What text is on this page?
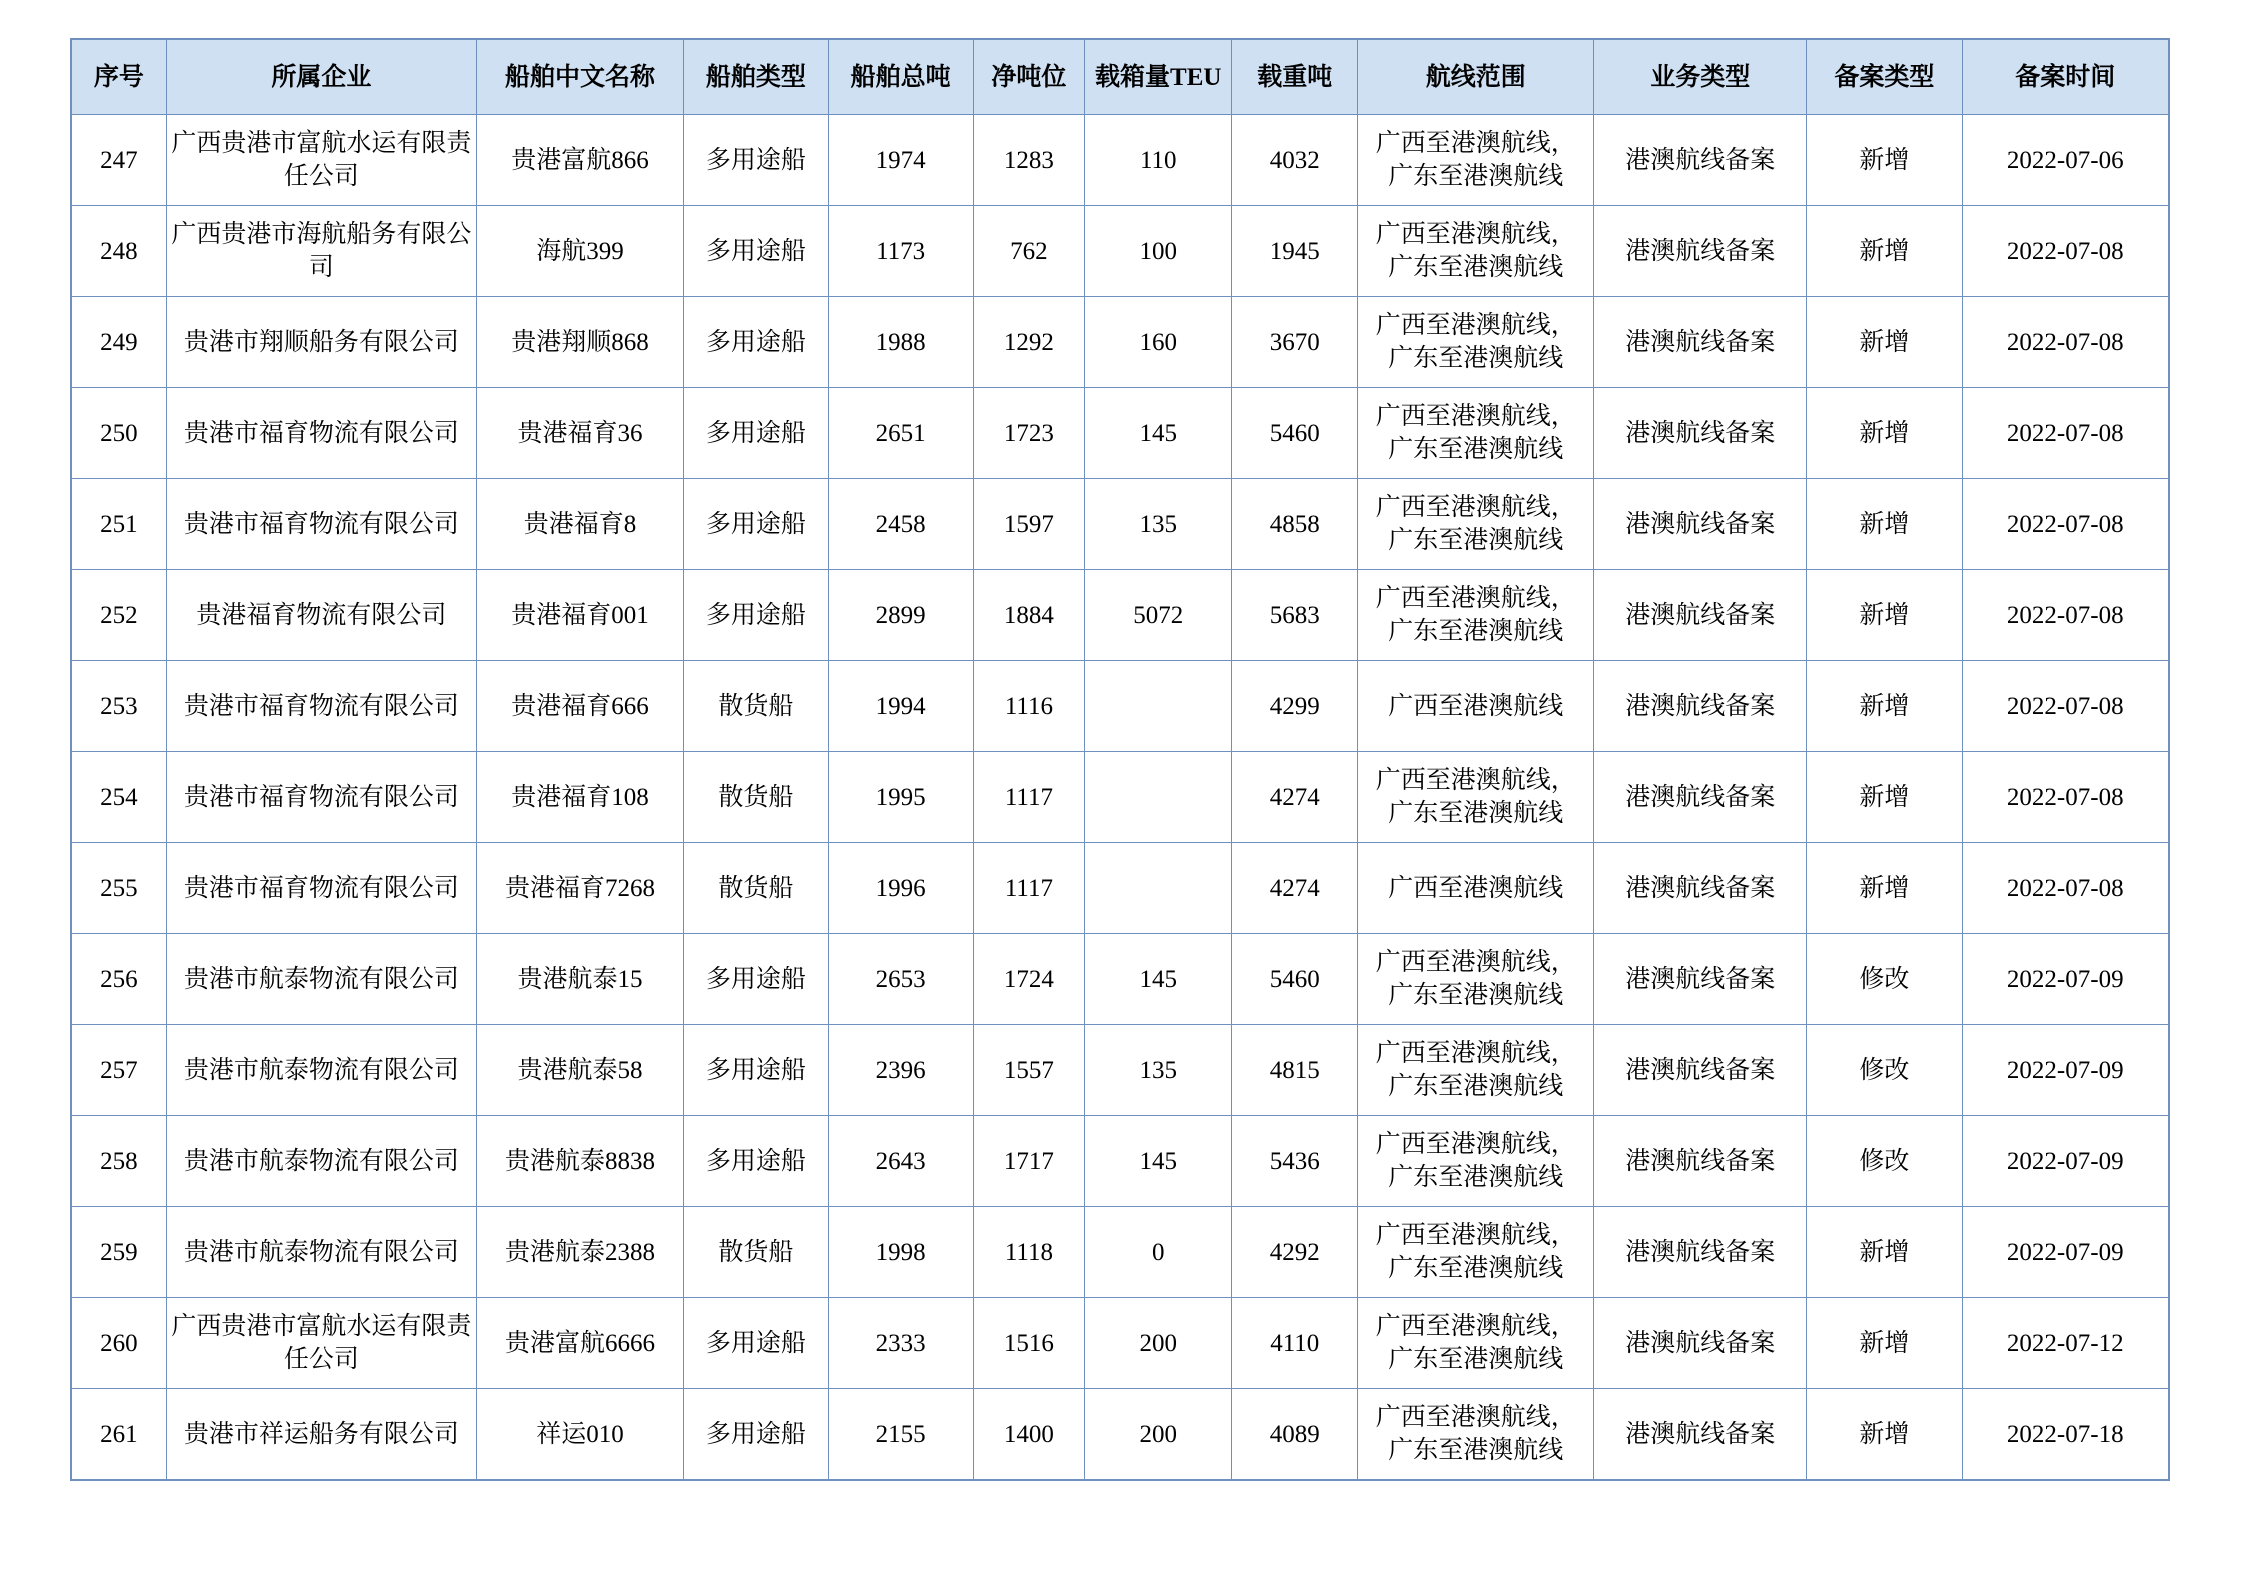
序号	所属企业	船舶中文名称	船舶类型	船舶总吨	净吨位	载箱量TEU	载重吨	航线范围	业务类型	备案类型	备案时间
247	广西贵港市富航水运有限责任公司	贵港富航866	多用途船	1974	1283	110	4032	广西至港澳航线，
广东至港澳航线	港澳航线备案	新增	2022-07-06
248	广西贵港市海航船务有限公司	海航399	多用途船	1173	762	100	1945	广西至港澳航线，
广东至港澳航线	港澳航线备案	新增	2022-07-08
249	贵港市翔顺船务有限公司	贵港翔顺868	多用途船	1988	1292	160	3670	广西至港澳航线，
广东至港澳航线	港澳航线备案	新增	2022-07-08
250	贵港市福育物流有限公司	贵港福育36	多用途船	2651	1723	145	5460	广西至港澳航线，
广东至港澳航线	港澳航线备案	新增	2022-07-08
251	贵港市福育物流有限公司	贵港福育8	多用途船	2458	1597	135	4858	广西至港澳航线，
广东至港澳航线	港澳航线备案	新增	2022-07-08
252	贵港福育物流有限公司	贵港福育001	多用途船	2899	1884	5072	5683	广西至港澳航线，
广东至港澳航线	港澳航线备案	新增	2022-07-08
253	贵港市福育物流有限公司	贵港福育666	散货船	1994	1116		4299	广西至港澳航线	港澳航线备案	新增	2022-07-08
254	贵港市福育物流有限公司	贵港福育108	散货船	1995	1117		4274	广西至港澳航线，
广东至港澳航线	港澳航线备案	新增	2022-07-08
255	贵港市福育物流有限公司	贵港福育7268	散货船	1996	1117		4274	广西至港澳航线	港澳航线备案	新增	2022-07-08
256	贵港市航泰物流有限公司	贵港航泰15	多用途船	2653	1724	145	5460	广西至港澳航线，
广东至港澳航线	港澳航线备案	修改	2022-07-09
257	贵港市航泰物流有限公司	贵港航泰58	多用途船	2396	1557	135	4815	广西至港澳航线，
广东至港澳航线	港澳航线备案	修改	2022-07-09
258	贵港市航泰物流有限公司	贵港航泰8838	多用途船	2643	1717	145	5436	广西至港澳航线，
广东至港澳航线	港澳航线备案	修改	2022-07-09
259	贵港市航泰物流有限公司	贵港航泰2388	散货船	1998	1118	0	4292	广西至港澳航线，
广东至港澳航线	港澳航线备案	新增	2022-07-09
260	广西贵港市富航水运有限责任公司	贵港富航6666	多用途船	2333	1516	200	4110	广西至港澳航线，
广东至港澳航线	港澳航线备案	新增	2022-07-12
261	贵港市祥运船务有限公司	祥运010	多用途船	2155	1400	200	4089	广西至港澳航线，
广东至港澳航线	港澳航线备案	新增	2022-07-18
